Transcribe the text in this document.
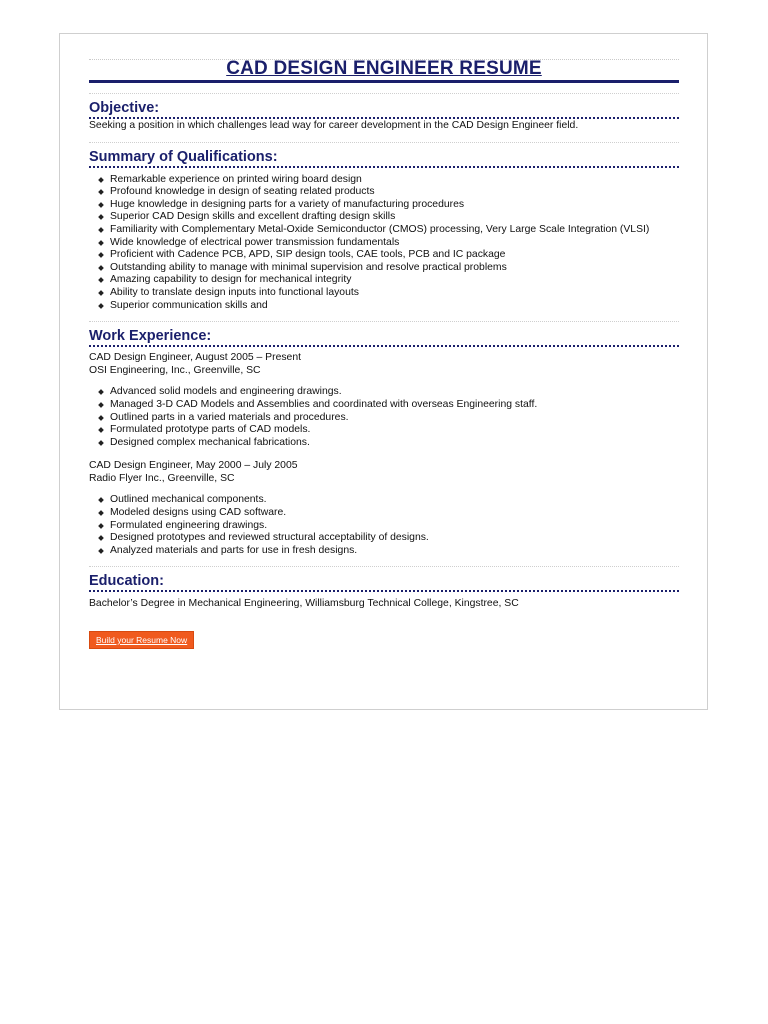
CAD DESIGN ENGINEER RESUME
Objective:
Seeking a position in which challenges lead way for career development in the CAD Design Engineer field.
Summary of Qualifications:
Remarkable experience on printed wiring board design
Profound knowledge in design of seating related products
Huge knowledge in designing parts for a variety of manufacturing procedures
Superior CAD Design skills and excellent drafting design skills
Familiarity with Complementary Metal-Oxide Semiconductor (CMOS) processing, Very Large Scale Integration (VLSI)
Wide knowledge of electrical power transmission fundamentals
Proficient with Cadence PCB, APD, SIP design tools, CAE tools, PCB and IC package
Outstanding ability to manage with minimal supervision and resolve practical problems
Amazing capability to design for mechanical integrity
Ability to translate design inputs into functional layouts
Superior communication skills and
Work Experience:
CAD Design Engineer, August 2005 – Present
OSI Engineering, Inc., Greenville, SC
Advanced solid models and engineering drawings.
Managed 3-D CAD Models and Assemblies and coordinated with overseas Engineering staff.
Outlined parts in a varied materials and procedures.
Formulated prototype parts of CAD models.
Designed complex mechanical fabrications.
CAD Design Engineer, May 2000 – July 2005
Radio Flyer Inc., Greenville, SC
Outlined mechanical components.
Modeled designs using CAD software.
Formulated engineering drawings.
Designed prototypes and reviewed structural acceptability of designs.
Analyzed materials and parts for use in fresh designs.
Education:
Bachelor’s Degree in Mechanical Engineering, Williamsburg Technical College, Kingstree, SC
Build your Resume Now
